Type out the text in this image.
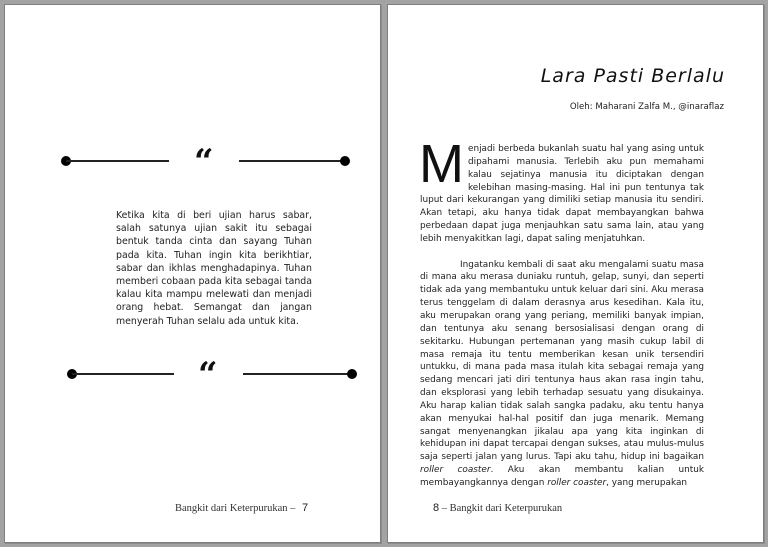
“
Ketika kita di beri ujian harus sabar, salah satunya ujian sakit itu sebagai bentuk tanda cinta dan sayang Tuhan pada kita. Tuhan ingin kita berikhtiar, sabar dan ikhlas menghadapinya. Tuhan memberi cobaan pada kita sebagai tanda kalau kita mampu melewati dan menjadi orang hebat. Semangat dan jangan menyerah Tuhan selalu ada untuk kita.
“
Bangkit dari Keterpurukan – 7
Lara Pasti Berlalu
Oleh: Maharani Zalfa M., @inaraflaz

Menjadi berbeda bukanlah suatu hal yang asing untuk dipahami manusia. Terlebih aku pun memahami kalau sejatinya manusia itu diciptakan dengan kelebihan masing-masing. Hal ini pun tentunya tak luput dari kekurangan yang dimiliki setiap manusia itu sendiri. Akan tetapi, aku hanya tidak dapat membayangkan bahwa perbedaan dapat juga menjauhkan satu sama lain, atau yang lebih menyakitkan lagi, dapat saling menjatuhkan.

Ingatanku kembali di saat aku mengalami suatu masa di mana aku merasa duniaku runtuh, gelap, sunyi, dan seperti tidak ada yang membantuku untuk keluar dari sini. Aku merasa terus tenggelam di dalam derasnya arus kesedihan. Kala itu, aku merupakan orang yang periang, memiliki banyak impian, dan tentunya aku senang bersosialisasi dengan orang di sekitarku. Hubungan pertemanan yang masih cukup labil di masa remaja itu tentu memberikan kesan unik tersendiri untukku, di mana pada masa itulah kita sebagai remaja yang sedang mencari jati diri tentunya haus akan rasa ingin tahu, dan eksplorasi yang lebih terhadap sesuatu yang disukainya. Aku harap kalian tidak salah sangka padaku, aku tentu hanya akan menyukai hal-hal positif dan juga menarik. Memang sangat menyenangkan jikalau apa yang kita inginkan di kehidupan ini dapat tercapai dengan sukses, atau mulus-mulus saja seperti jalan yang lurus. Tapi aku tahu, hidup ini bagaikan roller coaster. Aku akan membantu kalian untuk membayangkannya dengan roller coaster, yang merupakan

8 – Bangkit dari Keterpurukan
